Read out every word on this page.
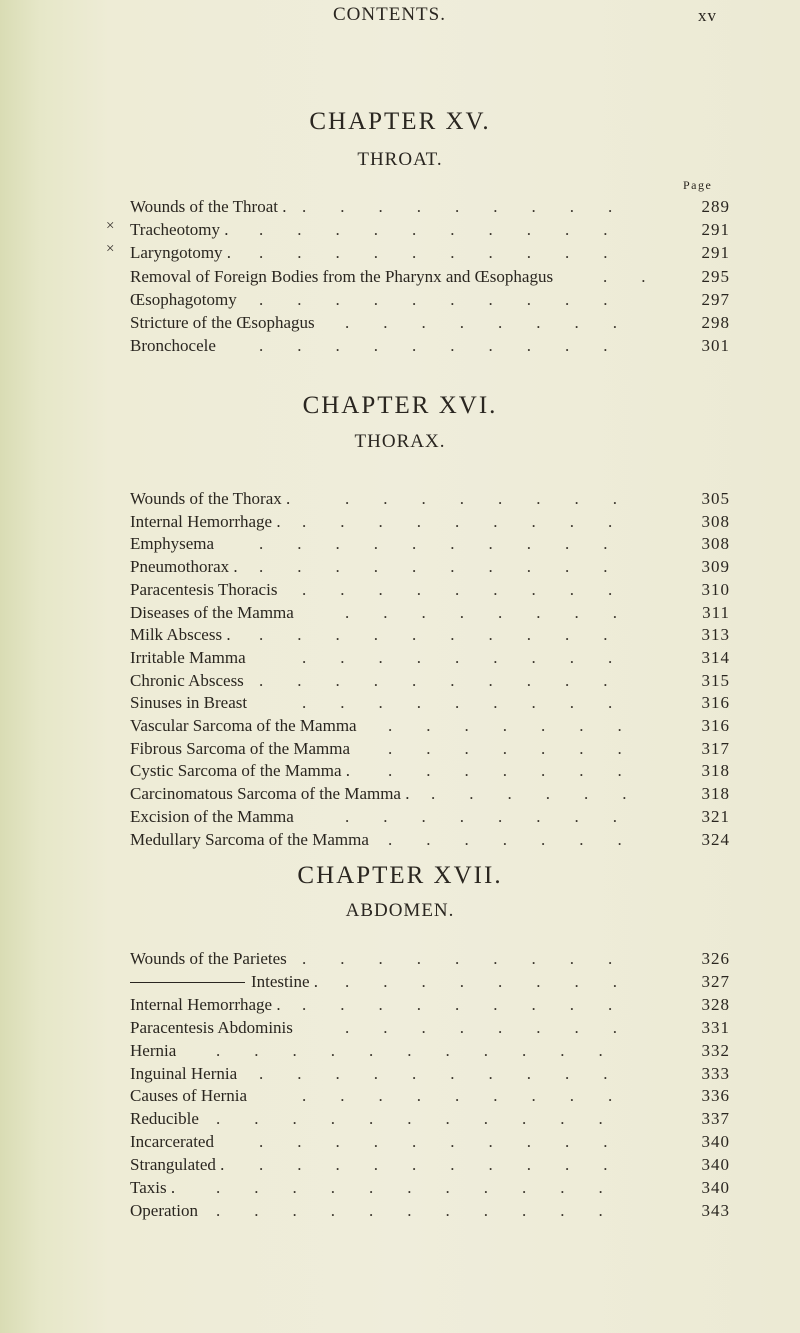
CONTENTS.	xv
CHAPTER XV.
THROAT.
Page
Wounds of the Throat . .  .  .  .  .  .  .  .  .  	289
Tracheotomy .	.  .  .  .  .  .  .  .  .  .  	291
Laryngotomy .	.  .  .  .  .  .  .  .  .  .  	291
Removal of Foreign Bodies from the Pharynx and Œsophagus	.  .  	295
Œsophagotomy	.  .  .  .  .  .  .  .  .  .  	297
Stricture of the Œsophagus	.  .  .  .  .  .  .  .  	298
Bronchocele	.  .  .  .  .  .  .  .  .  .  	301
×
×
CHAPTER XVI.
THORAX.
Wounds of the Thorax .	.  .  .  .  .  .  .  .  	305
Internal Hemorrhage .	.  .  .  .  .  .  .  .  .  	308
Emphysema	.  .  .  .  .  .  .  .  .  .  	308
Pneumothorax .	.  .  .  .  .  .  .  .  .  .  	309
Paracentesis Thoracis	.  .  .  .  .  .  .  .  .  	310
Diseases of the Mamma	.  .  .  .  .  .  .  .  	311
Milk Abscess .	.  .  .  .  .  .  .  .  .  .  	313
Irritable Mamma	.  .  .  .  .  .  .  .  .  	314
Chronic Abscess .  .  .  .  .  .  .  .  .  .  	315
Sinuses in Breast	.  .  .  .  .  .  .  .  .  	316
Vascular Sarcoma of the Mamma	.  .  .  .  .  .  .  	316
Fibrous Sarcoma of the Mamma	.  .  .  .  .  .  .  	317
Cystic Sarcoma of the Mamma .	.  .  .  .  .  .  .  	318
Carcinomatous Sarcoma of the Mamma .	.  .  .  .  .  .  	318
Excision of the Mamma	.  .  .  .  .  .  .  .  	321
Medullary Sarcoma of the Mamma .  .  .  .  .  .  .  	324
CHAPTER XVII.
ABDOMEN.
Wounds of the Parietes .  .  .  .  .  .  .  .  .  	326
Intestine .	.  .  .  .  .  .  .  .  	327
Internal Hemorrhage .	.  .  .  .  .  .  .  .  .  	328
Paracentesis Abdominis	.  .  .  .  .  .  .  .  	331
Hernia	.  .  .  .  .  .  .  .  .  .  .  	332
Inguinal Hernia	.  .  .  .  .  .  .  .  .  .  	333
Causes of Hernia	.  .  .  .  .  .  .  .  .  	336
Reducible .  .  .  .  .  .  .  .  .  .  .  	337
Incarcerated	.  .  .  .  .  .  .  .  .  .  	340
Strangulated .	.  .  .  .  .  .  .  .  .  .  	340
Taxis .	.  .  .  .  .  .  .  .  .  .  .  	340
Operation .  .  .  .  .  .  .  .  .  .  .  	343
